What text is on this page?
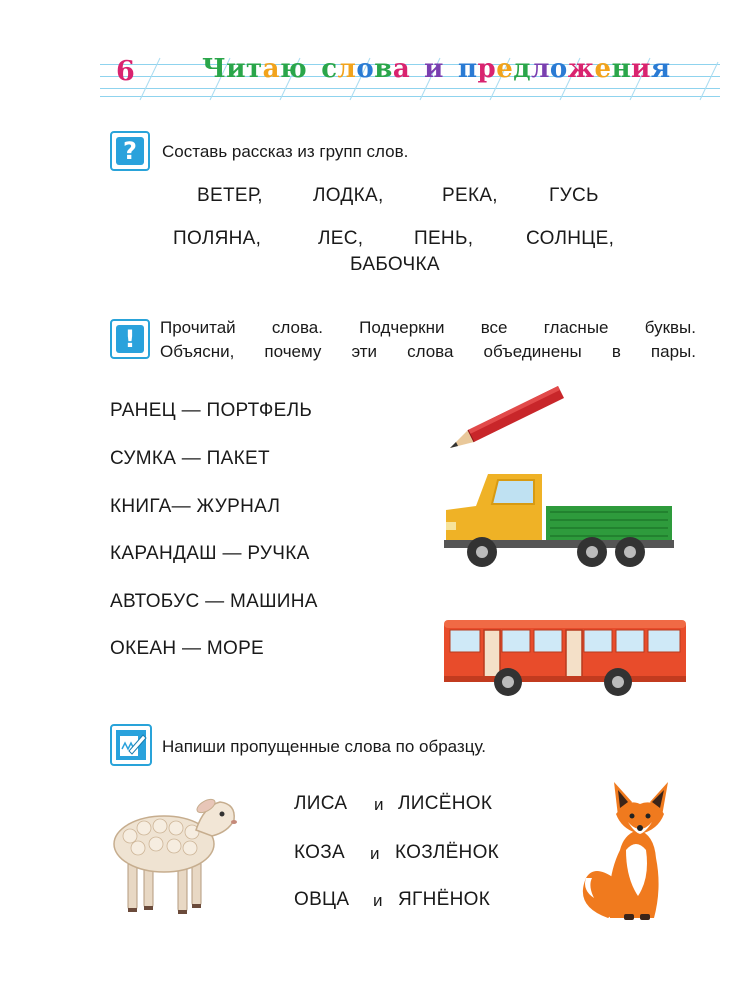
6	Читаю слова и предложения
?	Составь рассказ из групп слов.
ВЕТЕР,	ЛОДКА,	РЕКА,	ГУСЬ
ПОЛЯНА,	ЛЕС,	ПЕНЬ,	СОЛНЦЕ,
БАБОЧКА
!	Прочитай слова. Подчеркни все гласные буквы.
Объясни, почему эти слова объединены в пары.
РАНЕЦ — ПОРТФЕЛЬ
СУМКА — ПАКЕТ
КНИГА— ЖУРНАЛ
КАРАНДАШ — РУЧКА
АВТОБУС — МАШИНА
ОКЕАН — МОРЕ
Напиши пропущенные слова по образцу.
ЛИСА и ЛИСЁНОК
КОЗА и КОЗЛЁНОК
ОВЦА и ЯГНЁНОК
